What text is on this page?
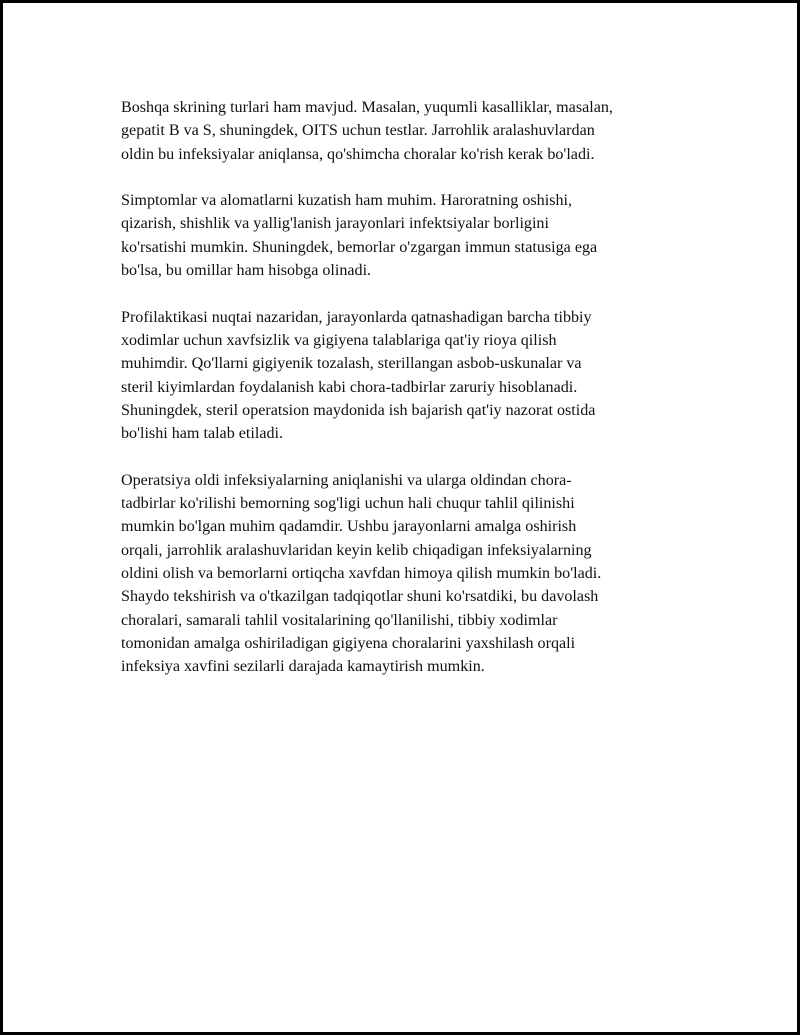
Boshqa skrining turlari ham mavjud. Masalan, yuqumli kasalliklar, masalan,
gepatit B va S, shuningdek, OITS uchun testlar. Jarrohlik aralashuvlardan
oldin bu infeksiyalar aniqlansa, qo'shimcha choralar ko'rish kerak bo'ladi.

Simptomlar va alomatlarni kuzatish ham muhim. Haroratning oshishi,
qizarish, shishlik va yallig'lanish jarayonlari infektsiyalar borligini
ko'rsatishi mumkin. Shuningdek, bemorlar o'zgargan immun statusiga ega
bo'lsa, bu omillar ham hisobga olinadi.

Profilaktikasi nuqtai nazaridan, jarayonlarda qatnashadigan barcha tibbiy
xodimlar uchun xavfsizlik va gigiyena talablariga qat'iy rioya qilish
muhimdir. Qo'llarni gigiyenik tozalash, sterillangan asbob-uskunalar va
steril kiyimlardan foydalanish kabi chora-tadbirlar zaruriy hisoblanadi.
Shuningdek, steril operatsion maydonida ish bajarish qat'iy nazorat ostida
bo'lishi ham talab etiladi.

Operatsiya oldi infeksiyalarning aniqlanishi va ularga oldindan chora-
tadbirlar ko'rilishi bemorning sog'ligi uchun hali chuqur tahlil qilinishi
mumkin bo'lgan muhim qadamdir. Ushbu jarayonlarni amalga oshirish
orqali, jarrohlik aralashuvlaridan keyin kelib chiqadigan infeksiyalarning
oldini olish va bemorlarni ortiqcha xavfdan himoya qilish mumkin bo'ladi.
Shaydo tekshirish va o'tkazilgan tadqiqotlar shuni ko'rsatdiki, bu davolash
choralari, samarali tahlil vositalarining qo'llanilishi, tibbiy xodimlar
tomonidan amalga oshiriladigan gigiyena choralarini yaxshilash orqali
infeksiya xavfini sezilarli darajada kamaytirish mumkin.
